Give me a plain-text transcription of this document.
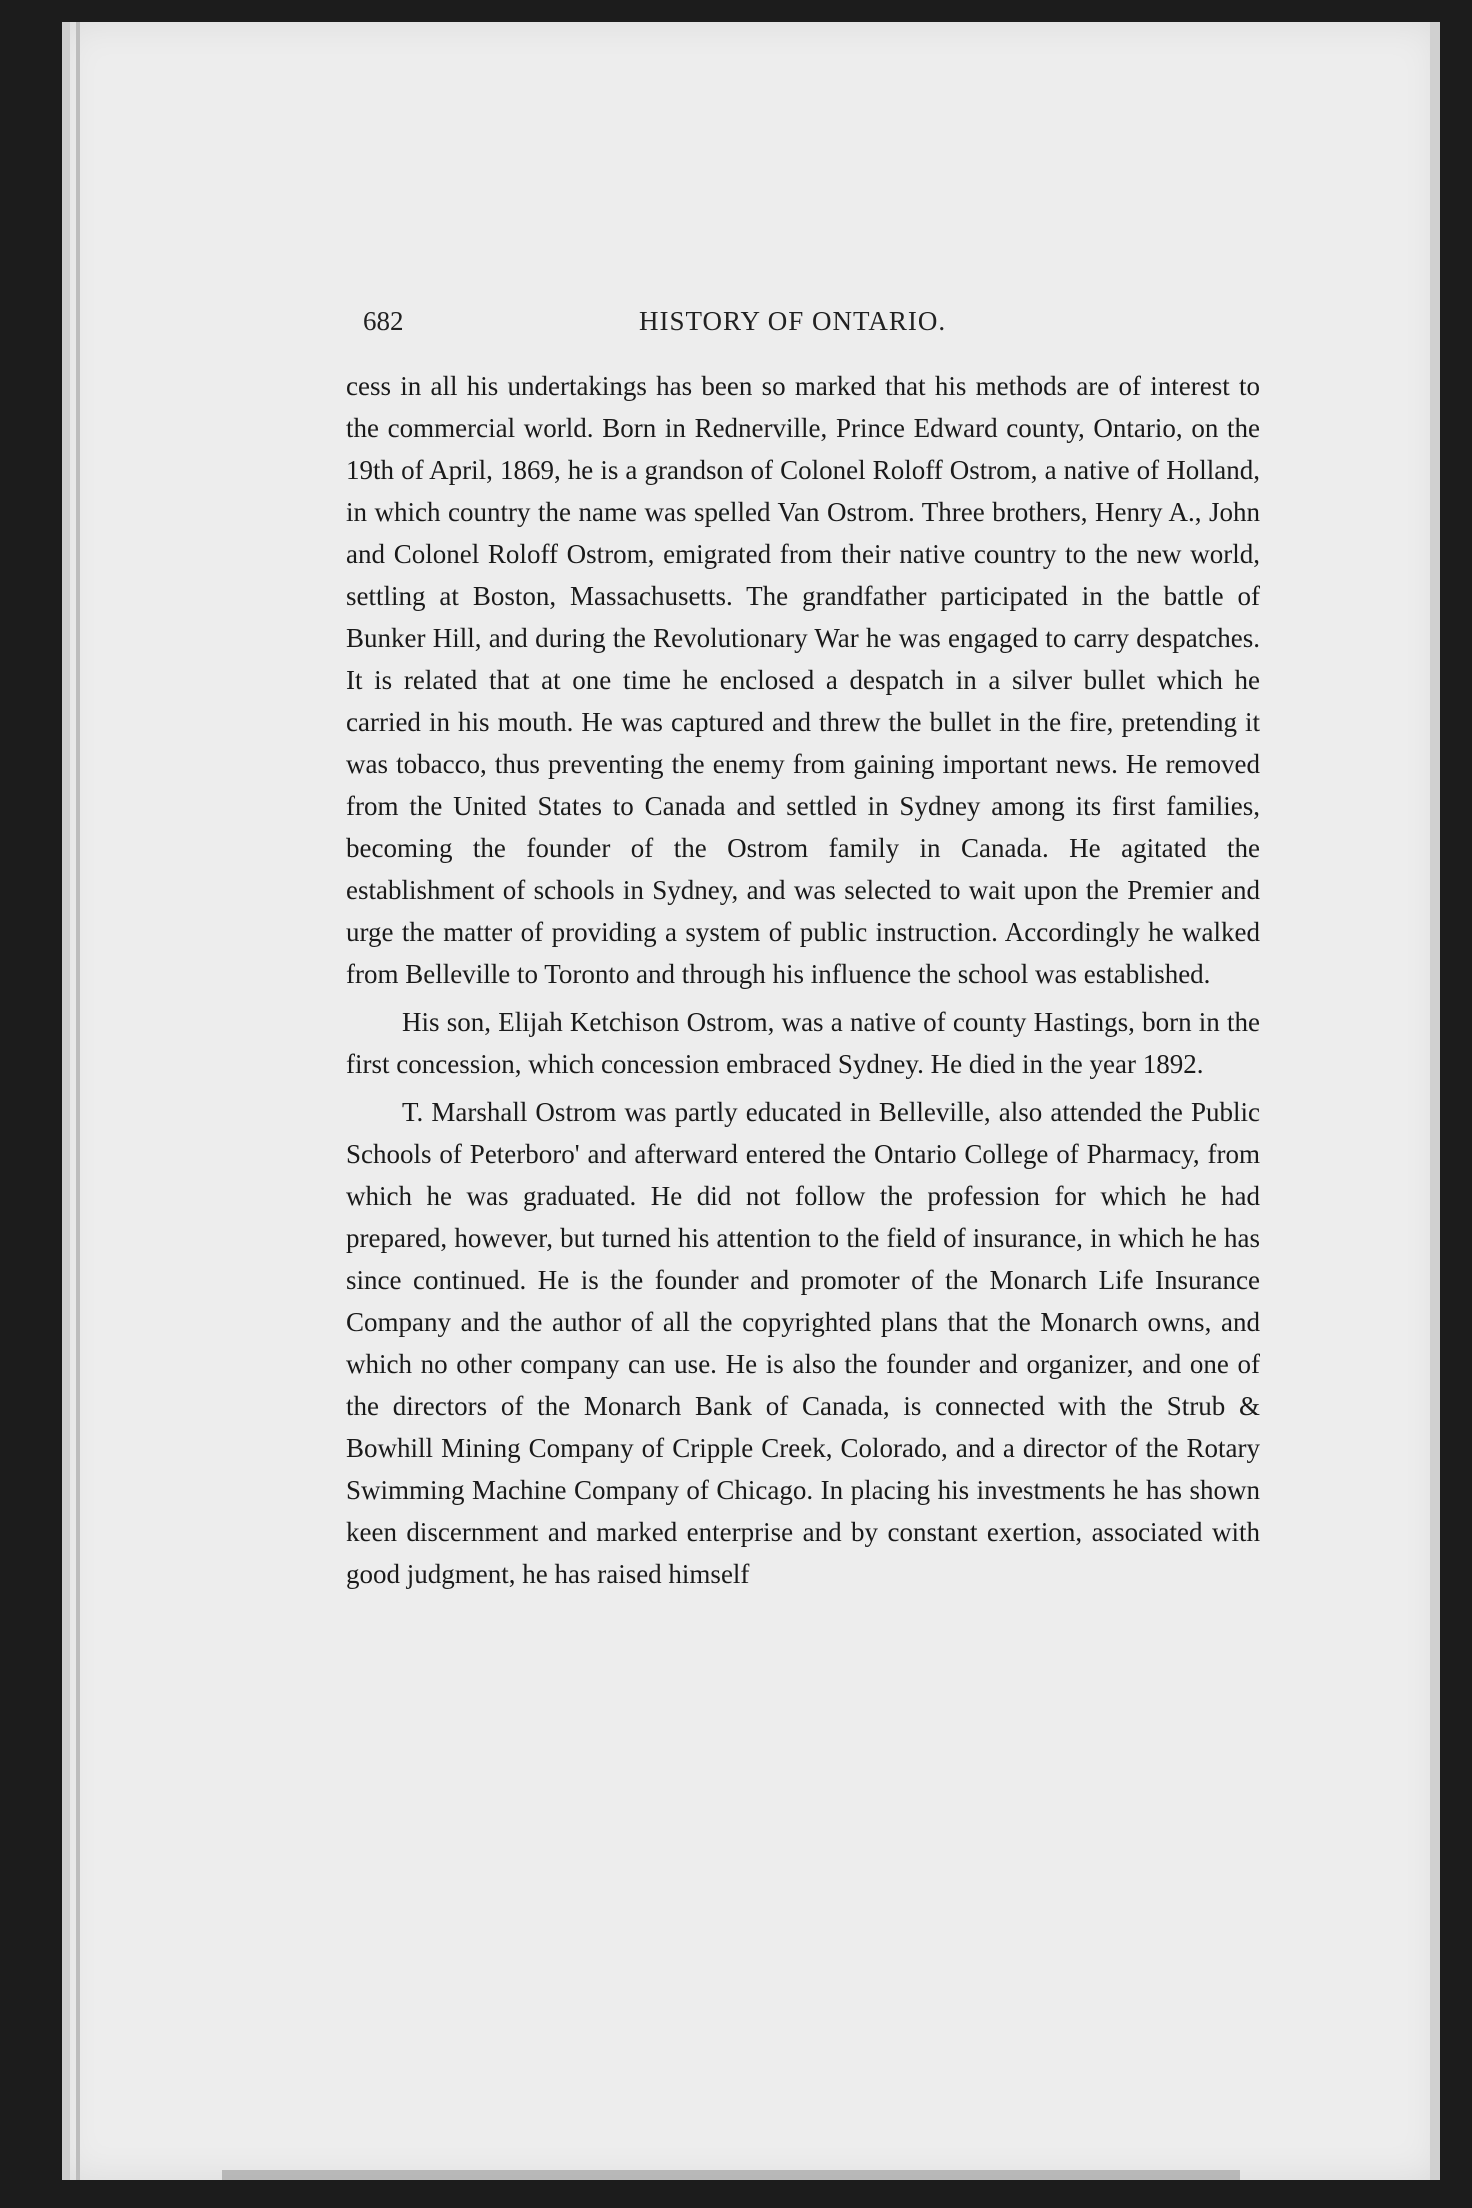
682	HISTORY OF ONTARIO.

cess in all his undertakings has been so marked that his methods are of interest to the commercial world. Born in Rednerville, Prince Edward county, Ontario, on the 19th of April, 1869, he is a grandson of Colonel Roloff Ostrom, a native of Holland, in which country the name was spelled Van Ostrom. Three brothers, Henry A., John and Colonel Roloff Ostrom, emigrated from their native country to the new world, settling at Boston, Massachusetts. The grandfather participated in the battle of Bunker Hill, and during the Revolutionary War he was engaged to carry despatches. It is related that at one time he enclosed a despatch in a silver bullet which he carried in his mouth. He was captured and threw the bullet in the fire, pretending it was tobacco, thus preventing the enemy from gaining important news. He removed from the United States to Canada and settled in Sydney among its first families, becoming the founder of the Ostrom family in Canada. He agitated the establishment of schools in Sydney, and was selected to wait upon the Premier and urge the matter of providing a system of public instruction. Accordingly he walked from Belleville to Toronto and through his influence the school was established.

His son, Elijah Ketchison Ostrom, was a native of county Hastings, born in the first concession, which concession embraced Sydney. He died in the year 1892.

T. Marshall Ostrom was partly educated in Belleville, also attended the Public Schools of Peterboro' and afterward entered the Ontario College of Pharmacy, from which he was graduated. He did not follow the profession for which he had prepared, however, but turned his attention to the field of insurance, in which he has since continued. He is the founder and promoter of the Monarch Life Insurance Company and the author of all the copyrighted plans that the Monarch owns, and which no other company can use. He is also the founder and organizer, and one of the directors of the Monarch Bank of Canada, is connected with the Strub & Bowhill Mining Company of Cripple Creek, Colorado, and a director of the Rotary Swimming Machine Company of Chicago. In placing his investments he has shown keen discernment and marked enterprise and by constant exertion, associated with good judgment, he has raised himself
